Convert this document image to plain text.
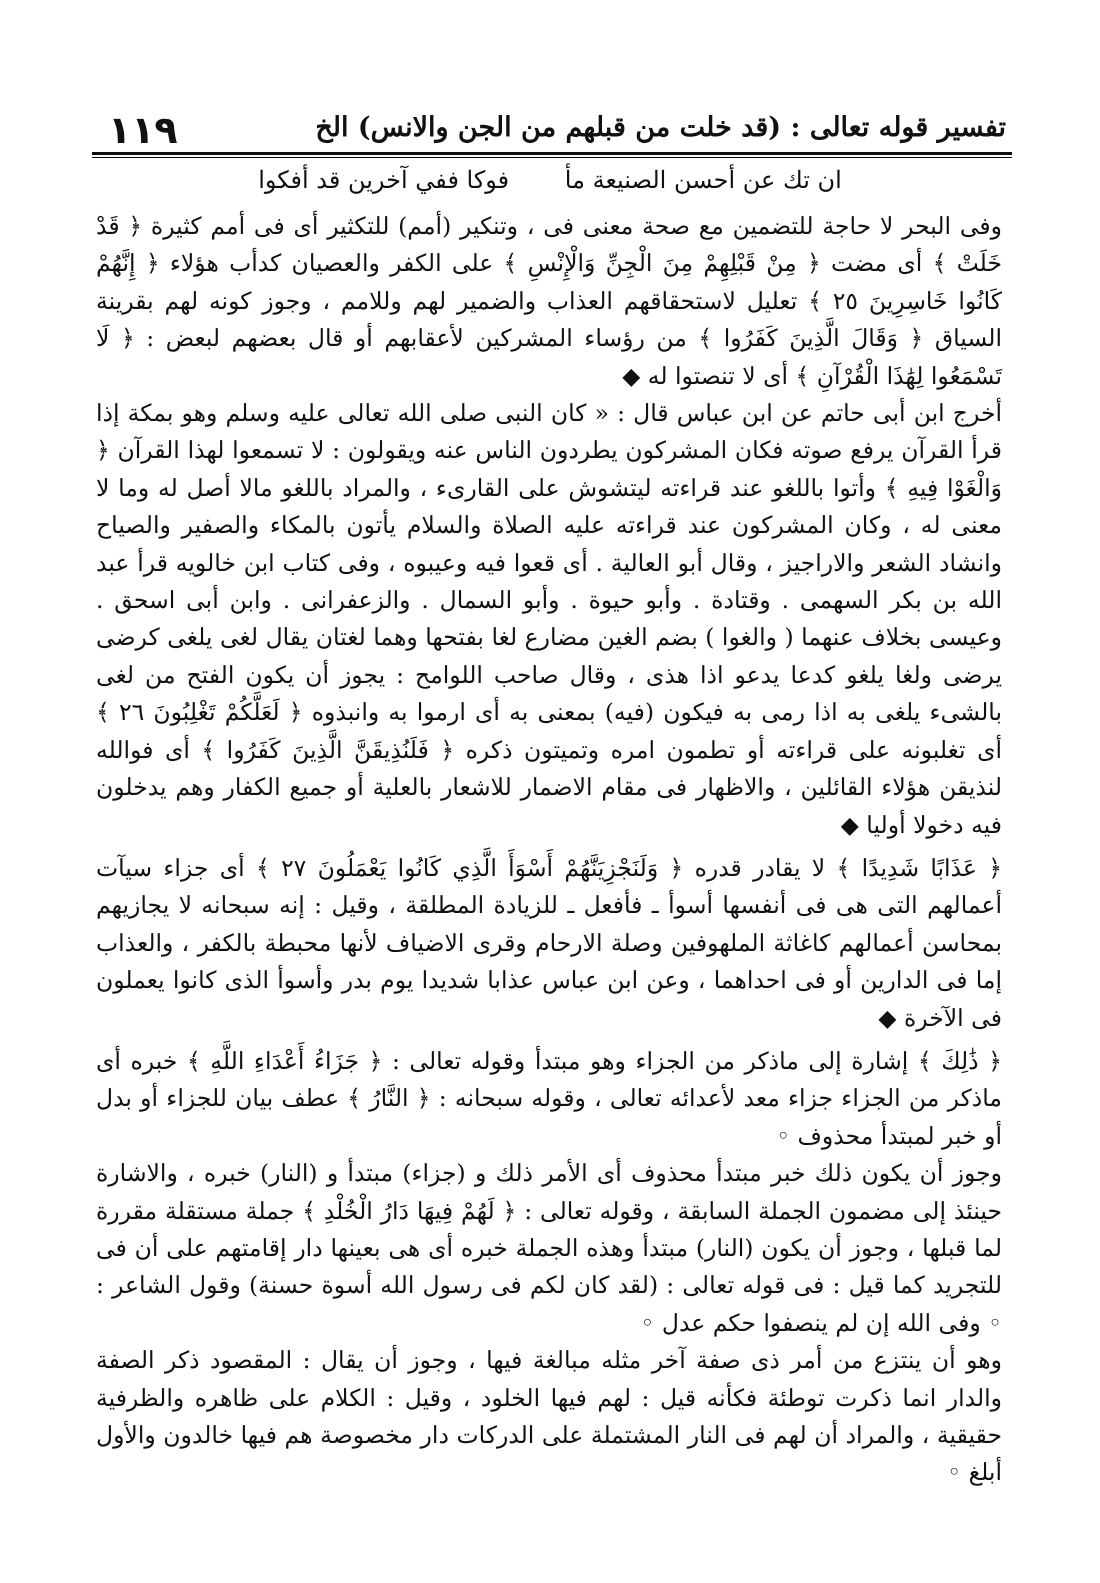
تفسير قوله تعالى : (قد خلت من قبلهم من الجن والانس) الخ
١١٩
ان تك عن أحسن الصنيعة مأ فوكا ففي آخرين قد أفكوا

وفى البحر لا حاجة للتضمين مع صحة معنى فى ، وتنكير (أمم) للتكثير أى فى أمم كثيرة ﴿ قَدْ خَلَتْ ﴾ أى مضت ﴿ مِنْ قَبْلِهِمْ مِنَ الْجِنِّ وَالْإِنْسِ ﴾ على الكفر والعصيان كدأب هؤلاء ﴿ إِنَّهُمْ كَانُوا خَاسِرِينَ ٢٥ ﴾ تعليل لاستحقاقهم العذاب والضمير لهم وللامم ، وجوز كونه لهم بقرينة السياق ﴿ وَقَالَ الَّذِينَ كَفَرُوا ﴾ من رؤساء المشركين لأعقابهم أو قال بعضهم لبعض : ﴿ لَا تَسْمَعُوا لِهَٰذَا الْقُرْآنِ ﴾ أى لا تنصتوا له ◆

أخرج ابن أبى حاتم عن ابن عباس قال : « كان النبى صلى الله تعالى عليه وسلم وهو بمكة إذا قرأ القرآن يرفع صوته فكان المشركون يطردون الناس عنه ويقولون : لا تسمعوا لهذا القرآن ﴿ وَالْغَوْا فِيهِ ﴾ وأتوا باللغو عند قراءته ليتشوش على القارىء ، والمراد باللغو مالا أصل له وما لا معنى له ، وكان المشركون عند قراءته عليه الصلاة والسلام يأتون بالمكاء والصفير والصياح وانشاد الشعر والاراجيز ، وقال أبو العالية . أى قعوا فيه وعيبوه ، وفى كتاب ابن خالويه قرأ عبد الله بن بكر السهمى . وقتادة . وأبو حيوة . وأبو السمال . والزعفرانى . وابن أبى اسحق . وعيسى بخلاف عنهما ( والغوا ) بضم الغين مضارع لغا بفتحها وهما لغتان يقال لغى يلغى كرضى يرضى ولغا يلغو كدعا يدعو اذا هذى ، وقال صاحب اللوامح : يجوز أن يكون الفتح من لغى بالشىء يلغى به اذا رمى به فيكون (فيه) بمعنى به أى ارموا به وانبذوه ﴿ لَعَلَّكُمْ تَغْلِبُونَ ٢٦ ﴾ أى تغلبونه على قراءته أو تطمون امره وتميتون ذكره ﴿ فَلَنُذِيقَنَّ الَّذِينَ كَفَرُوا ﴾ أى فوالله لنذيقن هؤلاء القائلين ، والاظهار فى مقام الاضمار للاشعار بالعلية أو جميع الكفار وهم يدخلون فيه دخولا أوليا ◆

﴿ عَذَابًا شَدِيدًا ﴾ لا يقادر قدره ﴿ وَلَنَجْزِيَنَّهُمْ أَسْوَأَ الَّذِي كَانُوا يَعْمَلُونَ ٢٧ ﴾ أى جزاء سيآت أعمالهم التى هى فى أنفسها أسوأ ـ فأفعل ـ للزيادة المطلقة ، وقيل : إنه سبحانه لا يجازيهم بمحاسن أعمالهم كاغاثة الملهوفين وصلة الارحام وقرى الاضياف لأنها محبطة بالكفر ، والعذاب إما فى الدارين أو فى احداهما ، وعن ابن عباس عذابا شديدا يوم بدر وأسوأ الذى كانوا يعملون فى الآخرة ◆

﴿ ذَٰلِكَ ﴾ إشارة إلى ماذكر من الجزاء وهو مبتدأ وقوله تعالى : ﴿ جَزَاءُ أَعْدَاءِ اللَّهِ ﴾ خبره أى ماذكر من الجزاء جزاء معد لأعدائه تعالى ، وقوله سبحانه : ﴿ النَّارُ ﴾ عطف بيان للجزاء أو بدل أو خبر لمبتدأ محذوف ◦

وجوز أن يكون ذلك خبر مبتدأ محذوف أى الأمر ذلك و (جزاء) مبتدأ و (النار) خبره ، والاشارة حينئذ إلى مضمون الجملة السابقة ، وقوله تعالى : ﴿ لَهُمْ فِيهَا دَارُ الْخُلْدِ ﴾ جملة مستقلة مقررة لما قبلها ، وجوز أن يكون (النار) مبتدأ وهذه الجملة خبره أى هى بعينها دار إقامتهم على أن فى للتجريد كما قيل : فى قوله تعالى : (لقد كان لكم فى رسول الله أسوة حسنة) وقول الشاعر : ◦ وفى الله إن لم ينصفوا حكم عدل ◦

وهو أن ينتزع من أمر ذى صفة آخر مثله مبالغة فيها ، وجوز أن يقال : المقصود ذكر الصفة والدار انما ذكرت توطئة فكأنه قيل : لهم فيها الخلود ، وقيل : الكلام على ظاهره والظرفية حقيقية ، والمراد أن لهم فى النار المشتملة على الدركات دار مخصوصة هم فيها خالدون والأول أبلغ ◦
